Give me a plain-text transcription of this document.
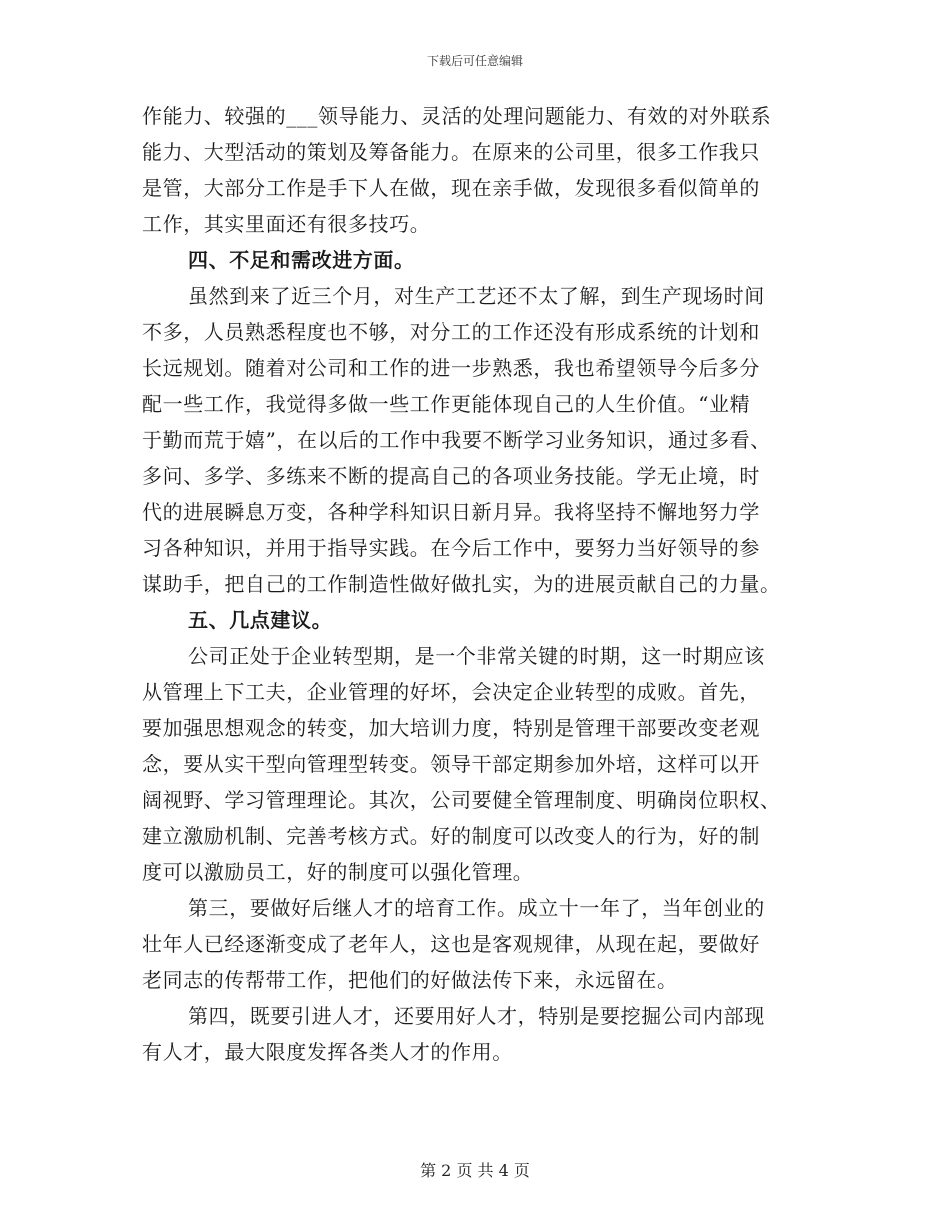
下载后可任意编辑
作能力、较强的___领导能力、灵活的处理问题能力、有效的对外联系
能力、大型活动的策划及筹备能力。在原来的公司里，很多工作我只
是管，大部分工作是手下人在做，现在亲手做，发现很多看似简单的
工作，其实里面还有很多技巧。
四、不足和需改进方面。
虽然到来了近三个月，对生产工艺还不太了解，到生产现场时间
不多，人员熟悉程度也不够，对分工的工作还没有形成系统的计划和
长远规划。随着对公司和工作的进一步熟悉，我也希望领导今后多分
配一些工作，我觉得多做一些工作更能体现自己的人生价值。“业精
于勤而荒于嬉”，在以后的工作中我要不断学习业务知识，通过多看、
多问、多学、多练来不断的提高自己的各项业务技能。学无止境，时
代的进展瞬息万变，各种学科知识日新月异。我将坚持不懈地努力学
习各种知识，并用于指导实践。在今后工作中，要努力当好领导的参
谋助手，把自己的工作制造性做好做扎实，为的进展贡献自己的力量。
五、几点建议。
公司正处于企业转型期，是一个非常关键的时期，这一时期应该
从管理上下工夫，企业管理的好坏，会决定企业转型的成败。首先，
要加强思想观念的转变，加大培训力度，特别是管理干部要改变老观
念，要从实干型向管理型转变。领导干部定期参加外培，这样可以开
阔视野、学习管理理论。其次，公司要健全管理制度、明确岗位职权、
建立激励机制、完善考核方式。好的制度可以改变人的行为，好的制
度可以激励员工，好的制度可以强化管理。
第三，要做好后继人才的培育工作。成立十一年了，当年创业的
壮年人已经逐渐变成了老年人，这也是客观规律，从现在起，要做好
老同志的传帮带工作，把他们的好做法传下来，永远留在。
第四，既要引进人才，还要用好人才，特别是要挖掘公司内部现
有人才，最大限度发挥各类人才的作用。
第 2 页 共 4 页
